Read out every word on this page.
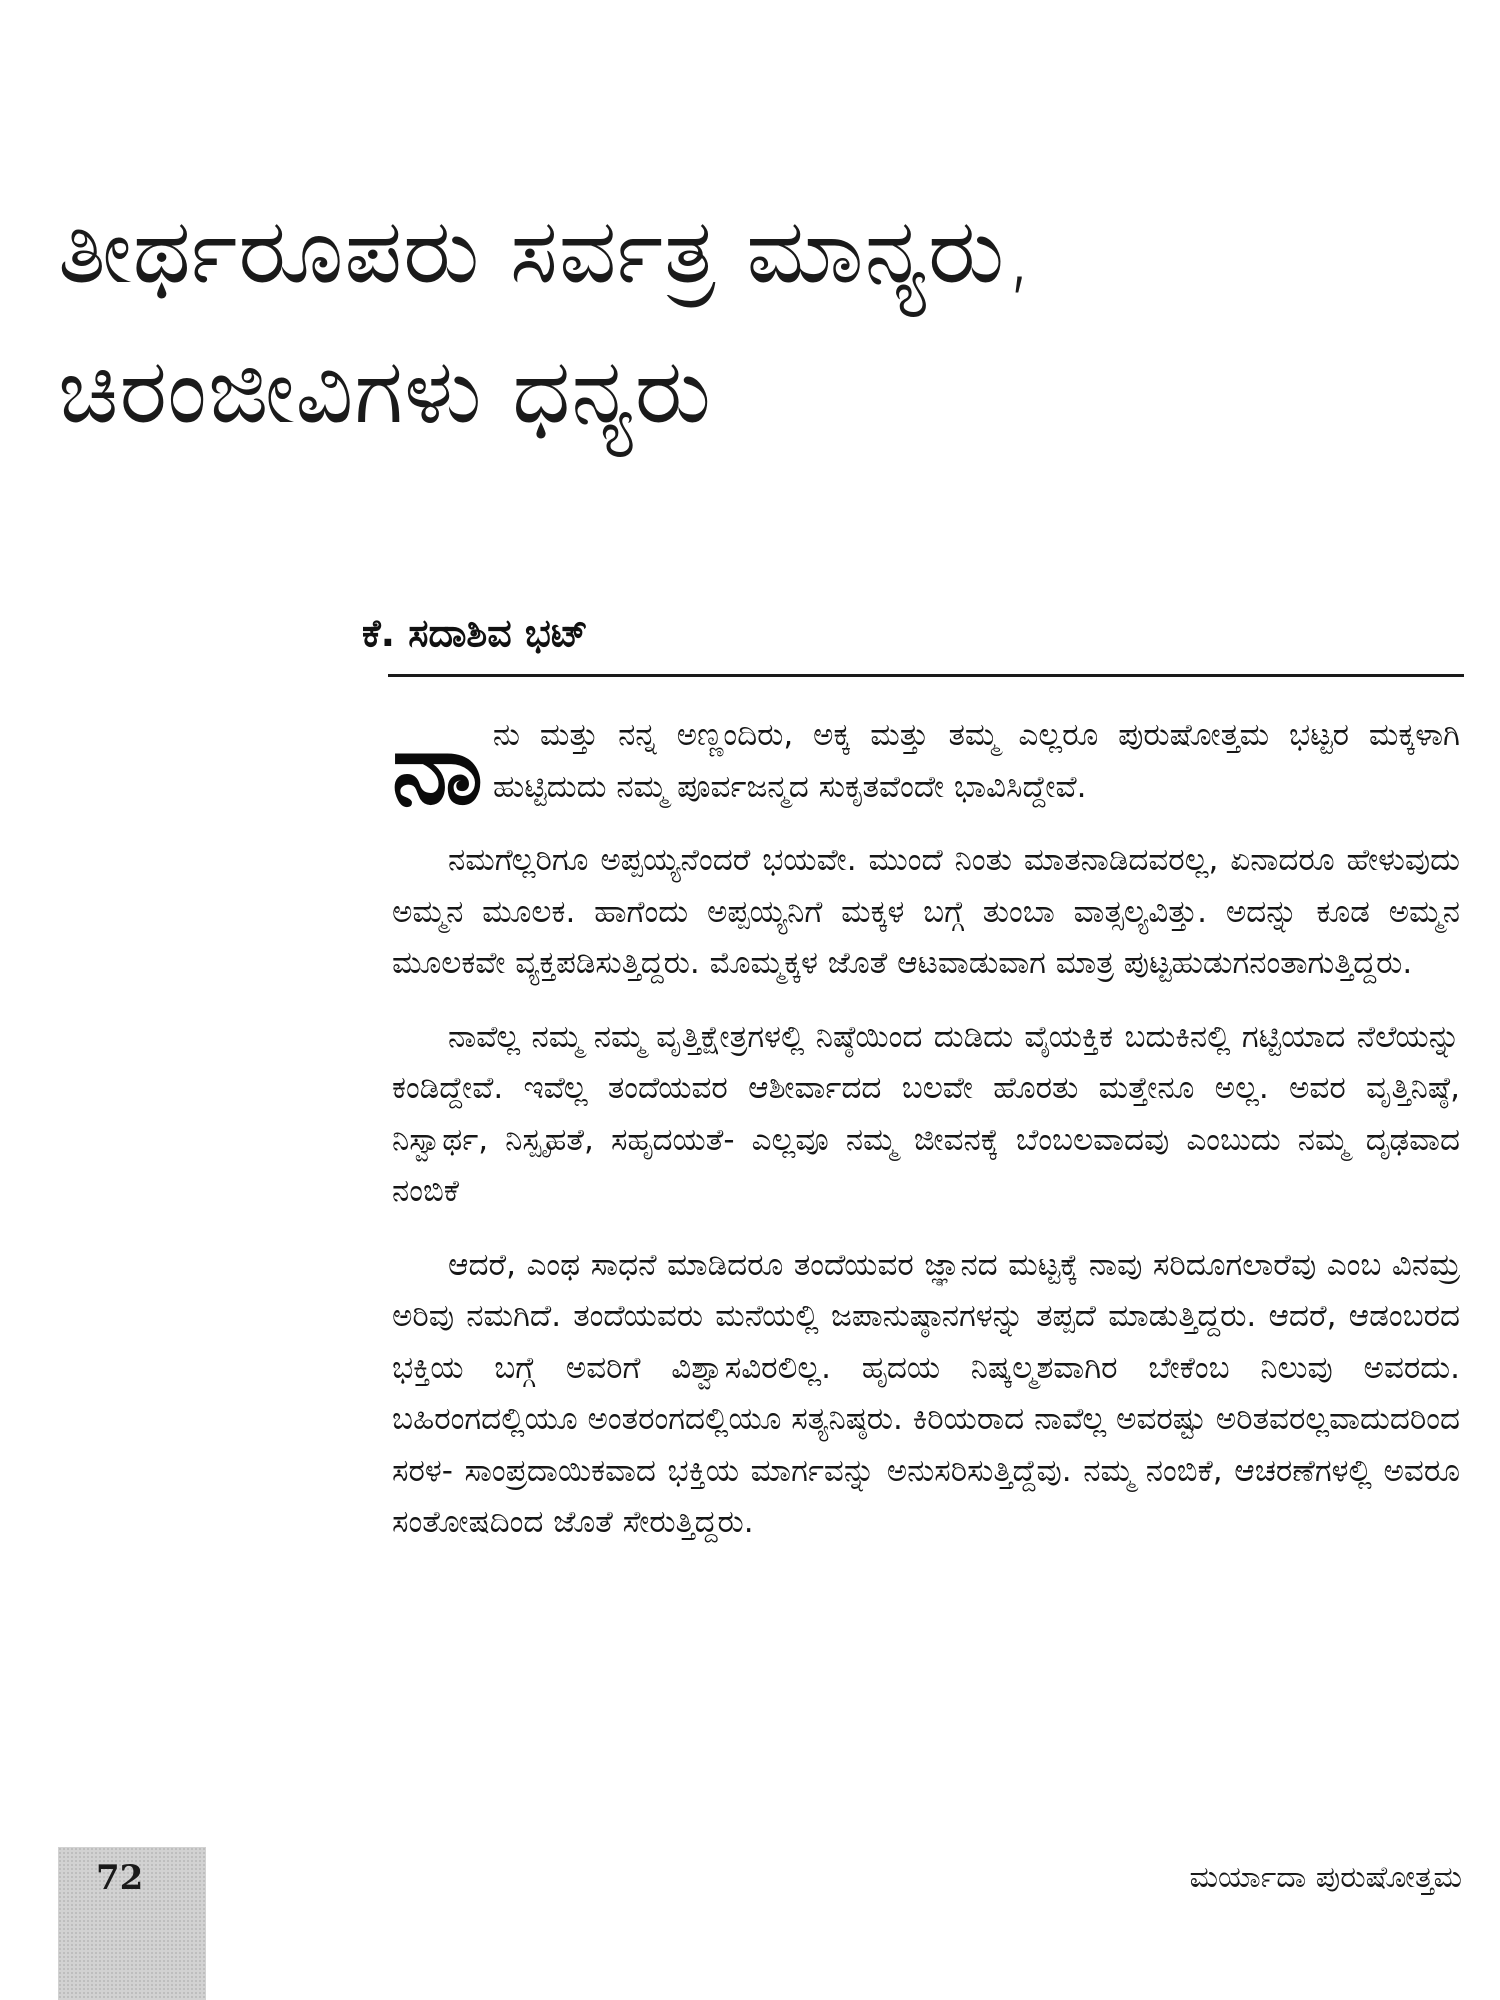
ತೀರ್ಥರೂಪರು ಸರ್ವತ್ರ ಮಾನ್ಯರು,
ಚಿರಂಜೀವಿಗಳು ಧನ್ಯರು
ಕೆ. ಸದಾಶಿವ ಭಟ್

ನಾನು ಮತ್ತು ನನ್ನ ಅಣ್ಣಂದಿರು, ಅಕ್ಕ ಮತ್ತು ತಮ್ಮ ಎಲ್ಲರೂ ಪುರುಷೋತ್ತಮ ಭಟ್ಟರ ಮಕ್ಕಳಾಗಿ ಹುಟ್ಟಿದುದು ನಮ್ಮ ಪೂರ್ವಜನ್ಮದ ಸುಕೃತವೆಂದೇ ಭಾವಿಸಿದ್ದೇವೆ.

ನಮಗೆಲ್ಲರಿಗೂ ಅಪ್ಪಯ್ಯನೆಂದರೆ ಭಯವೇ. ಮುಂದೆ ನಿಂತು ಮಾತನಾಡಿದವರಲ್ಲ, ಏನಾದರೂ ಹೇಳುವುದು ಅಮ್ಮನ ಮೂಲಕ. ಹಾಗೆಂದು ಅಪ್ಪಯ್ಯನಿಗೆ ಮಕ್ಕಳ ಬಗ್ಗೆ ತುಂಬಾ ವಾತ್ಸಲ್ಯವಿತ್ತು. ಅದನ್ನು ಕೂಡ ಅಮ್ಮನ ಮೂಲಕವೇ ವ್ಯಕ್ತಪಡಿಸುತ್ತಿದ್ದರು. ಮೊಮ್ಮಕ್ಕಳ ಜೊತೆ ಆಟವಾಡುವಾಗ ಮಾತ್ರ ಪುಟ್ಟಹುಡುಗನಂತಾಗುತ್ತಿದ್ದರು.

ನಾವೆಲ್ಲ ನಮ್ಮ ನಮ್ಮ ವೃತ್ತಿಕ್ಷೇತ್ರಗಳಲ್ಲಿ ನಿಷ್ಠೆಯಿಂದ ದುಡಿದು ವೈಯಕ್ತಿಕ ಬದುಕಿನಲ್ಲಿ ಗಟ್ಟಿಯಾದ ನೆಲೆಯನ್ನು ಕಂಡಿದ್ದೇವೆ. ಇವೆಲ್ಲ ತಂದೆಯವರ ಆಶೀರ್ವಾದದ ಬಲವೇ ಹೊರತು ಮತ್ತೇನೂ ಅಲ್ಲ. ಅವರ ವೃತ್ತಿನಿಷ್ಠೆ, ನಿಸ್ವಾರ್ಥ, ನಿಸ್ಪೃಹತೆ, ಸಹೃದಯತೆ- ಎಲ್ಲವೂ ನಮ್ಮ ಜೀವನಕ್ಕೆ ಬೆಂಬಲವಾದವು ಎಂಬುದು ನಮ್ಮ ದೃಢವಾದ ನಂಬಿಕೆ

ಆದರೆ, ಎಂಥ ಸಾಧನೆ ಮಾಡಿದರೂ ತಂದೆಯವರ ಜ್ಞಾನದ ಮಟ್ಟಕ್ಕೆ ನಾವು ಸರಿದೂಗಲಾರೆವು ಎಂಬ ವಿನಮ್ರ ಅರಿವು ನಮಗಿದೆ. ತಂದೆಯವರು ಮನೆಯಲ್ಲಿ ಜಪಾನುಷ್ಠಾನಗಳನ್ನು ತಪ್ಪದೆ ಮಾಡುತ್ತಿದ್ದರು. ಆದರೆ, ಆಡಂಬರದ ಭಕ್ತಿಯ ಬಗ್ಗೆ ಅವರಿಗೆ ವಿಶ್ವಾಸವಿರಲಿಲ್ಲ. ಹೃದಯ ನಿಷ್ಕಲ್ಮಶವಾಗಿರ ಬೇಕೆಂಬ ನಿಲುವು ಅವರದು. ಬಹಿರಂಗದಲ್ಲಿಯೂ ಅಂತರಂಗದಲ್ಲಿಯೂ ಸತ್ಯನಿಷ್ಠರು. ಕಿರಿಯರಾದ ನಾವೆಲ್ಲ ಅವರಷ್ಟು ಅರಿತವರಲ್ಲವಾದುದರಿಂದ ಸರಳ- ಸಾಂಪ್ರದಾಯಿಕವಾದ ಭಕ್ತಿಯ ಮಾರ್ಗವನ್ನು ಅನುಸರಿಸುತ್ತಿದ್ದೆವು. ನಮ್ಮ ನಂಬಿಕೆ, ಆಚರಣೆಗಳಲ್ಲಿ ಅವರೂ ಸಂತೋಷದಿಂದ ಜೊತೆ ಸೇರುತ್ತಿದ್ದರು.

72	ಮರ್ಯಾದಾ ಪುರುಷೋತ್ತಮ
